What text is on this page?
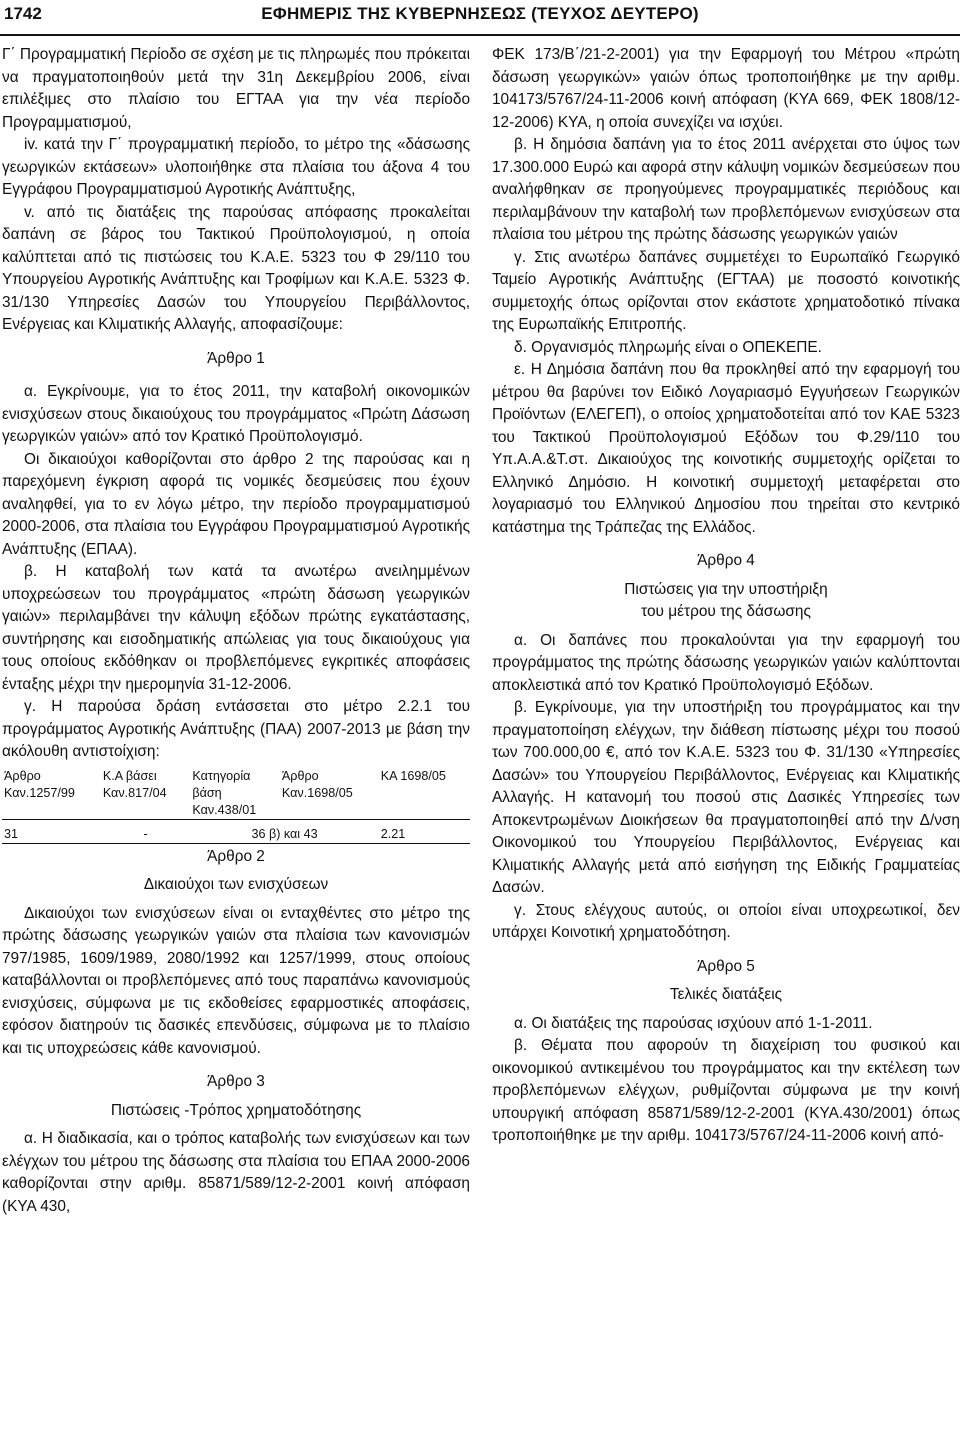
1742	ΕΦΗΜΕΡΙΣ ΤΗΣ ΚΥΒΕΡΝΗΣΕΩΣ (ΤΕΥΧΟΣ ΔΕΥΤΕΡΟ)

Γ΄ Προγραμματική Περίοδο σε σχέση με τις πληρωμές που πρόκειται να πραγματοποιηθούν μετά την 31η Δεκεμβρίου 2006, είναι επιλέξιμες στο πλαίσιο του ΕΓΤΑΑ για την νέα περίοδο Προγραμματισμού,

iv. κατά την Γ΄ προγραμματική περίοδο, το μέτρο της «δάσωσης γεωργικών εκτάσεων» υλοποιήθηκε στα πλαίσια του άξονα 4 του Εγγράφου Προγραμματισμού Αγροτικής Ανάπτυξης,

v. από τις διατάξεις της παρούσας απόφασης προκαλείται δαπάνη σε βάρος του Τακτικού Προϋπολογισμού, η οποία καλύπτεται από τις πιστώσεις του Κ.Α.Ε. 5323 του Φ 29/110 του Υπουργείου Αγροτικής Ανάπτυξης και Τροφίμων και Κ.Α.Ε. 5323 Φ. 31/130 Υπηρεσίες Δασών του Υπουργείου Περιβάλλοντος, Ενέργειας και Κλιματικής Αλλαγής, αποφασίζουμε:

Άρθρο 1

α. Εγκρίνουμε, για το έτος 2011, την καταβολή οικονομικών ενισχύσεων στους δικαιούχους του προγράμματος «Πρώτη Δάσωση γεωργικών γαιών» από τον Κρατικό Προϋπολογισμό.

Οι δικαιούχοι καθορίζονται στο άρθρο 2 της παρούσας και η παρεχόμενη έγκριση αφορά τις νομικές δεσμεύσεις που έχουν αναληφθεί, για το εν λόγω μέτρο, την περίοδο προγραμματισμού 2000-2006, στα πλαίσια του Εγγράφου Προγραμματισμού Αγροτικής Ανάπτυξης (ΕΠΑΑ).

β. Η καταβολή των κατά τα ανωτέρω ανειλημμένων υποχρεώσεων του προγράμματος «πρώτη δάσωση γεωργικών γαιών» περιλαμβάνει την κάλυψη εξόδων πρώτης εγκατάστασης, συντήρησης και εισοδηματικής απώλειας για τους δικαιούχους για τους οποίους εκδόθηκαν οι προβλεπόμενες εγκριτικές αποφάσεις ένταξης μέχρι την ημερομηνία 31-12-2006.

γ. Η παρούσα δράση εντάσσεται στο μέτρο 2.2.1 του προγράμματος Αγροτικής Ανάπτυξης (ΠΑΑ) 2007-2013 με βάση την ακόλουθη αντιστοίχιση:

Άρθρο	Κ.Α βάσει	Κατηγορία	Άρθρο	ΚΑ 1698/05
Καν.1257/99	Καν.817/04	βάση	Καν.1698/05	
		Καν.438/01		
31	-	36 β) και 43		2.21

Άρθρο 2

Δικαιούχοι των ενισχύσεων

Δικαιούχοι των ενισχύσεων είναι οι ενταχθέντες στο μέτρο της πρώτης δάσωσης γεωργικών γαιών στα πλαίσια των κανονισμών 797/1985, 1609/1989, 2080/1992 και 1257/1999, στους οποίους καταβάλλονται οι προβλεπόμενες από τους παραπάνω κανονισμούς ενισχύσεις, σύμφωνα με τις εκδοθείσες εφαρμοστικές αποφάσεις, εφόσον διατηρούν τις δασικές επενδύσεις, σύμφωνα με το πλαίσιο και τις υποχρεώσεις κάθε κανονισμού.

Άρθρο 3

Πιστώσεις -Τρόπος χρηματοδότησης

α. Η διαδικασία, και ο τρόπος καταβολής των ενισχύσεων και των ελέγχων του μέτρου της δάσωσης στα πλαίσια του ΕΠΑΑ 2000-2006 καθορίζονται στην αριθμ. 85871/589/12-2-2001 κοινή απόφαση (ΚΥΑ 430,

ΦΕΚ 173/Β΄/21-2-2001) για την Εφαρμογή του Μέτρου «πρώτη δάσωση γεωργικών» γαιών όπως τροποποιήθηκε με την αριθμ. 104173/5767/24-11-2006 κοινή απόφαση (ΚΥΑ 669, ΦΕΚ 1808/12-12-2006) ΚΥΑ, η οποία συνεχίζει να ισχύει.

β. Η δημόσια δαπάνη για το έτος 2011 ανέρχεται στο ύψος των 17.300.000 Ευρώ και αφορά στην κάλυψη νομικών δεσμεύσεων που αναλήφθηκαν σε προηγούμενες προγραμματικές περιόδους και περιλαμβάνουν την καταβολή των προβλεπόμενων ενισχύσεων στα πλαίσια του μέτρου της πρώτης δάσωσης γεωργικών γαιών

γ. Στις ανωτέρω δαπάνες συμμετέχει το Ευρωπαϊκό Γεωργικό Ταμείο Αγροτικής Ανάπτυξης (ΕΓΤΑΑ) με ποσοστό κοινοτικής συμμετοχής όπως ορίζονται στον εκάστοτε χρηματοδοτικό πίνακα της Ευρωπαϊκής Επιτροπής.

δ. Οργανισμός πληρωμής είναι ο ΟΠΕΚΕΠΕ.

ε. Η Δημόσια δαπάνη που θα προκληθεί από την εφαρμογή του μέτρου θα βαρύνει τον Ειδικό Λογαριασμό Εγγυήσεων Γεωργικών Προϊόντων (ΕΛΕΓΕΠ), ο οποίος χρηματοδοτείται από τον ΚΑΕ 5323 του Τακτικού Προϋπολογισμού Εξόδων του Φ.29/110 του Υπ.Α.Α.&Τ.στ. Δικαιούχος της κοινοτικής συμμετοχής ορίζεται το Ελληνικό Δημόσιο. Η κοινοτική συμμετοχή μεταφέρεται στο λογαριασμό του Ελληνικού Δημοσίου που τηρείται στο κεντρικό κατάστημα της Τράπεζας της Ελλάδος.

Άρθρο 4

Πιστώσεις για την υποστήριξη

του μέτρου της δάσωσης

α. Οι δαπάνες που προκαλούνται για την εφαρμογή του προγράμματος της πρώτης δάσωσης γεωργικών γαιών καλύπτονται αποκλειστικά από τον Κρατικό Προϋπολογισμό Εξόδων.

β. Εγκρίνουμε, για την υποστήριξη του προγράμματος και την πραγματοποίηση ελέγχων, την διάθεση πίστωσης μέχρι του ποσού των 700.000,00 €, από τον Κ.Α.Ε. 5323 του Φ. 31/130 «Υπηρεσίες Δασών» του Υπουργείου Περιβάλλοντος, Ενέργειας και Κλιματικής Αλλαγής. Η κατανομή του ποσού στις Δασικές Υπηρεσίες των Αποκεντρωμένων Διοικήσεων θα πραγματοποιηθεί από την Δ/νση Οικονομικού του Υπουργείου Περιβάλλοντος, Ενέργειας και Κλιματικής Αλλαγής μετά από εισήγηση της Ειδικής Γραμματείας Δασών.

γ. Στους ελέγχους αυτούς, οι οποίοι είναι υποχρεωτικοί, δεν υπάρχει Κοινοτική χρηματοδότηση.

Άρθρο 5

Τελικές διατάξεις

α. Οι διατάξεις της παρούσας ισχύουν από 1-1-2011.

β. Θέματα που αφορούν τη διαχείριση του φυσικού και οικονομικού αντικειμένου του προγράμματος και την εκτέλεση των προβλεπόμενων ελέγχων, ρυθμίζονται σύμφωνα με την κοινή υπουργική απόφαση 85871/589/12-2-2001 (ΚΥΑ.430/2001) όπως τροποποιήθηκε με την αριθμ. 104173/5767/24-11-2006 κοινή από-
